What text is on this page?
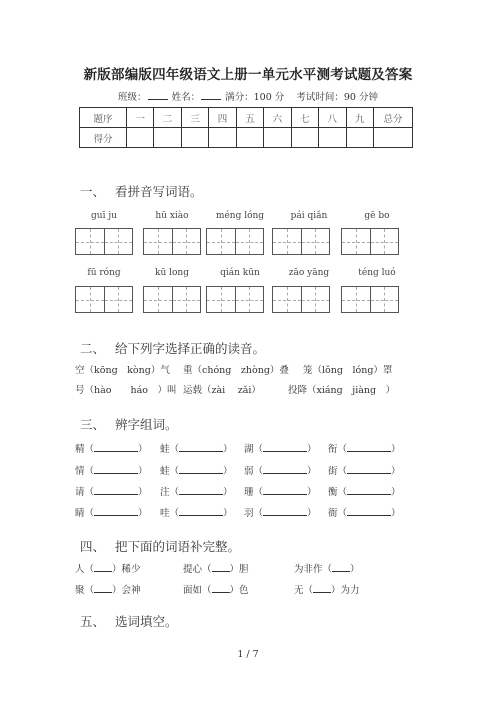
新版部编版四年级语文上册一单元水平测考试题及答案
班级：	姓名：	满分：100 分 考试时间：90 分钟
题序	一	二	三	四	五	六	七	八	九	总分
得分										
一、 看拼音写词语。
guī ju	hū xiào	méng lóng	pái qiǎn	gē bo
fū róng	kū long	qián kūn	zāo yāng	téng luó
二、 给下列字选择正确的读音。
空（kōng　kòng）气 重（chóng　zhòng）叠 笼（lǒng　lóng）罩
号（hào　　háo　）叫 运载（zài　 zǎi）	投降（xiáng　jiàng　）
三、 辨字组词。
精（	） 蛙（	） 湖（	） 衔（	）
情（	） 蛙（	） 弱（	） 街（	）
请（	） 注（	） 珊（	） 衡（	）
睛（	） 哇（	） 羽（	） 衙（	）
四、 把下面的词语补完整。
人（ ）稀少	提心（ ）胆	为非作（ ）
聚（ ）会神	面如（ ）色	无（ ）为力
五、 选词填空。
1 / 7
